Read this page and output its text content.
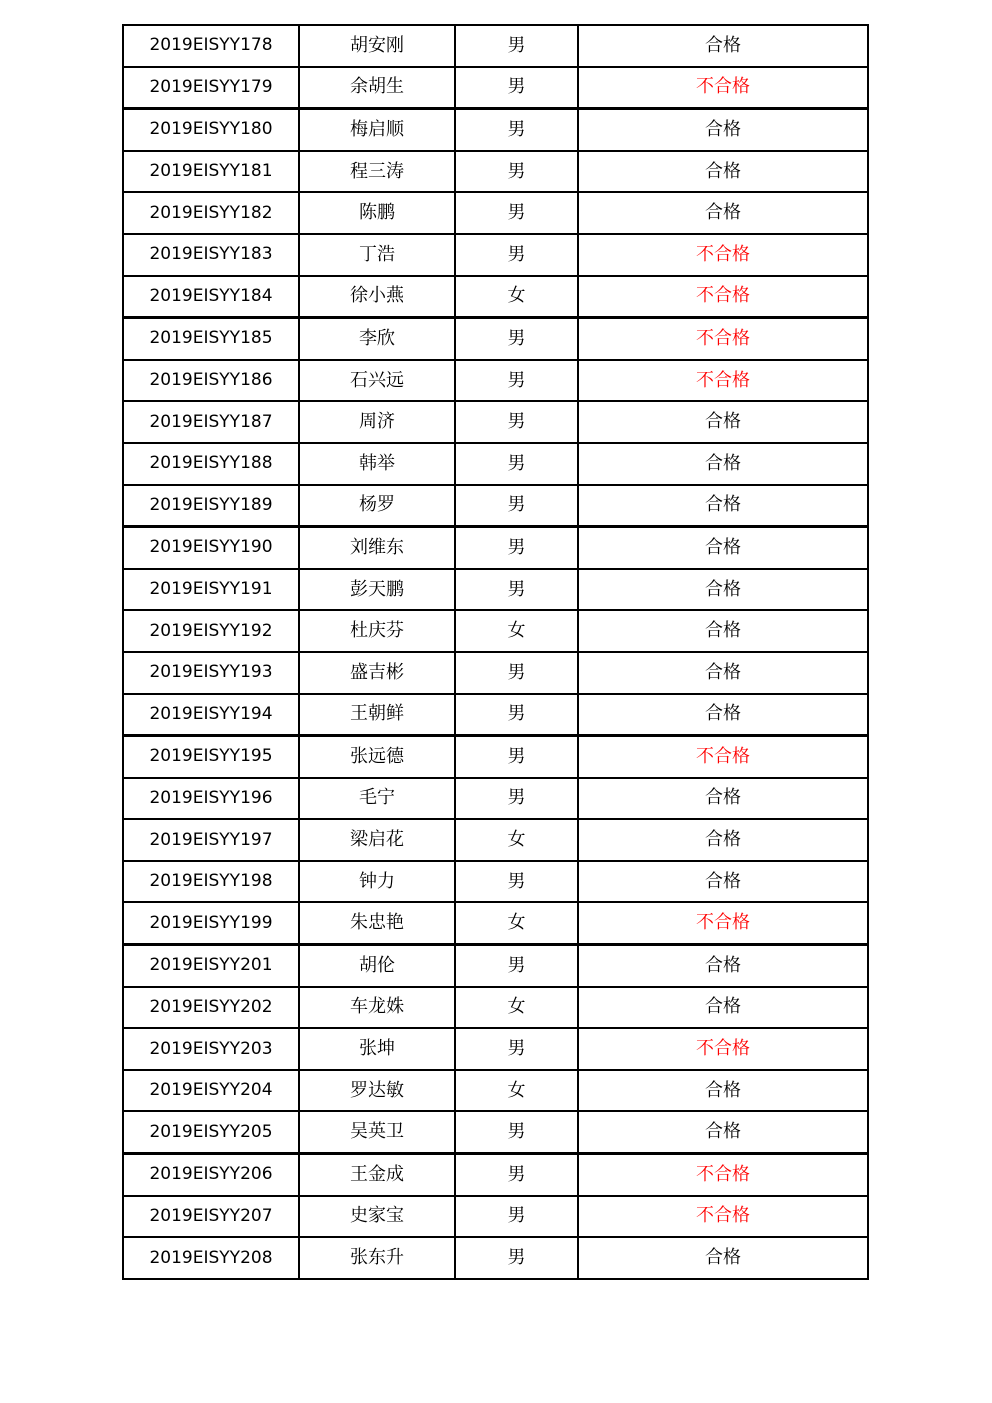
2019EISYY178	胡安刚	男	合格
2019EISYY179	余胡生	男	不合格
2019EISYY180	梅启顺	男	合格
2019EISYY181	程三涛	男	合格
2019EISYY182	陈鹏	男	合格
2019EISYY183	丁浩	男	不合格
2019EISYY184	徐小燕	女	不合格
2019EISYY185	李欣	男	不合格
2019EISYY186	石兴远	男	不合格
2019EISYY187	周济	男	合格
2019EISYY188	韩举	男	合格
2019EISYY189	杨罗	男	合格
2019EISYY190	刘维东	男	合格
2019EISYY191	彭天鹏	男	合格
2019EISYY192	杜庆芬	女	合格
2019EISYY193	盛吉彬	男	合格
2019EISYY194	王朝鲜	男	合格
2019EISYY195	张远德	男	不合格
2019EISYY196	毛宁	男	合格
2019EISYY197	梁启花	女	合格
2019EISYY198	钟力	男	合格
2019EISYY199	朱忠艳	女	不合格
2019EISYY201	胡伦	男	合格
2019EISYY202	车龙姝	女	合格
2019EISYY203	张坤	男	不合格
2019EISYY204	罗达敏	女	合格
2019EISYY205	吴英卫	男	合格
2019EISYY206	王金成	男	不合格
2019EISYY207	史家宝	男	不合格
2019EISYY208	张东升	男	合格
